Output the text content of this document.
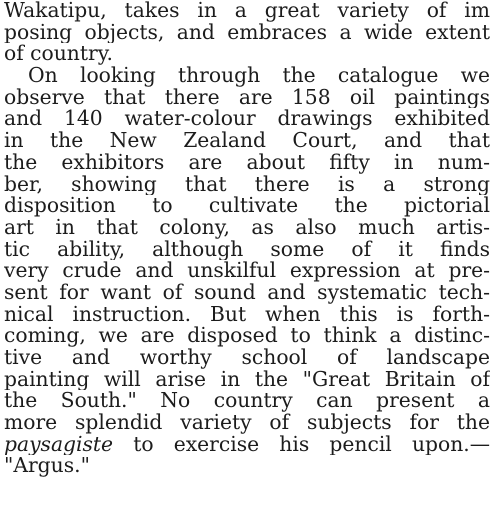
Wakatipu, takes in a great variety of im
posing objects, and embraces a wide extent
of country.
On looking through the catalogue we
observe that there are 158 oil paintings
and 140 water-colour drawings exhibited
in the New Zealand Court, and that
the exhibitors are about fifty in num-
ber, showing that there is a strong
disposition to cultivate the pictorial
art in that colony, as also much artis-
tic ability, although some of it finds
very crude and unskilful expression at pre-
sent for want of sound and systematic tech-
nical instruction. But when this is forth-
coming, we are disposed to think a distinc-
tive and worthy school of landscape
painting will arise in the "Great Britain of
the South." No country can present a
more splendid variety of subjects for the
paysagiste to exercise his pencil upon.—
"Argus."
